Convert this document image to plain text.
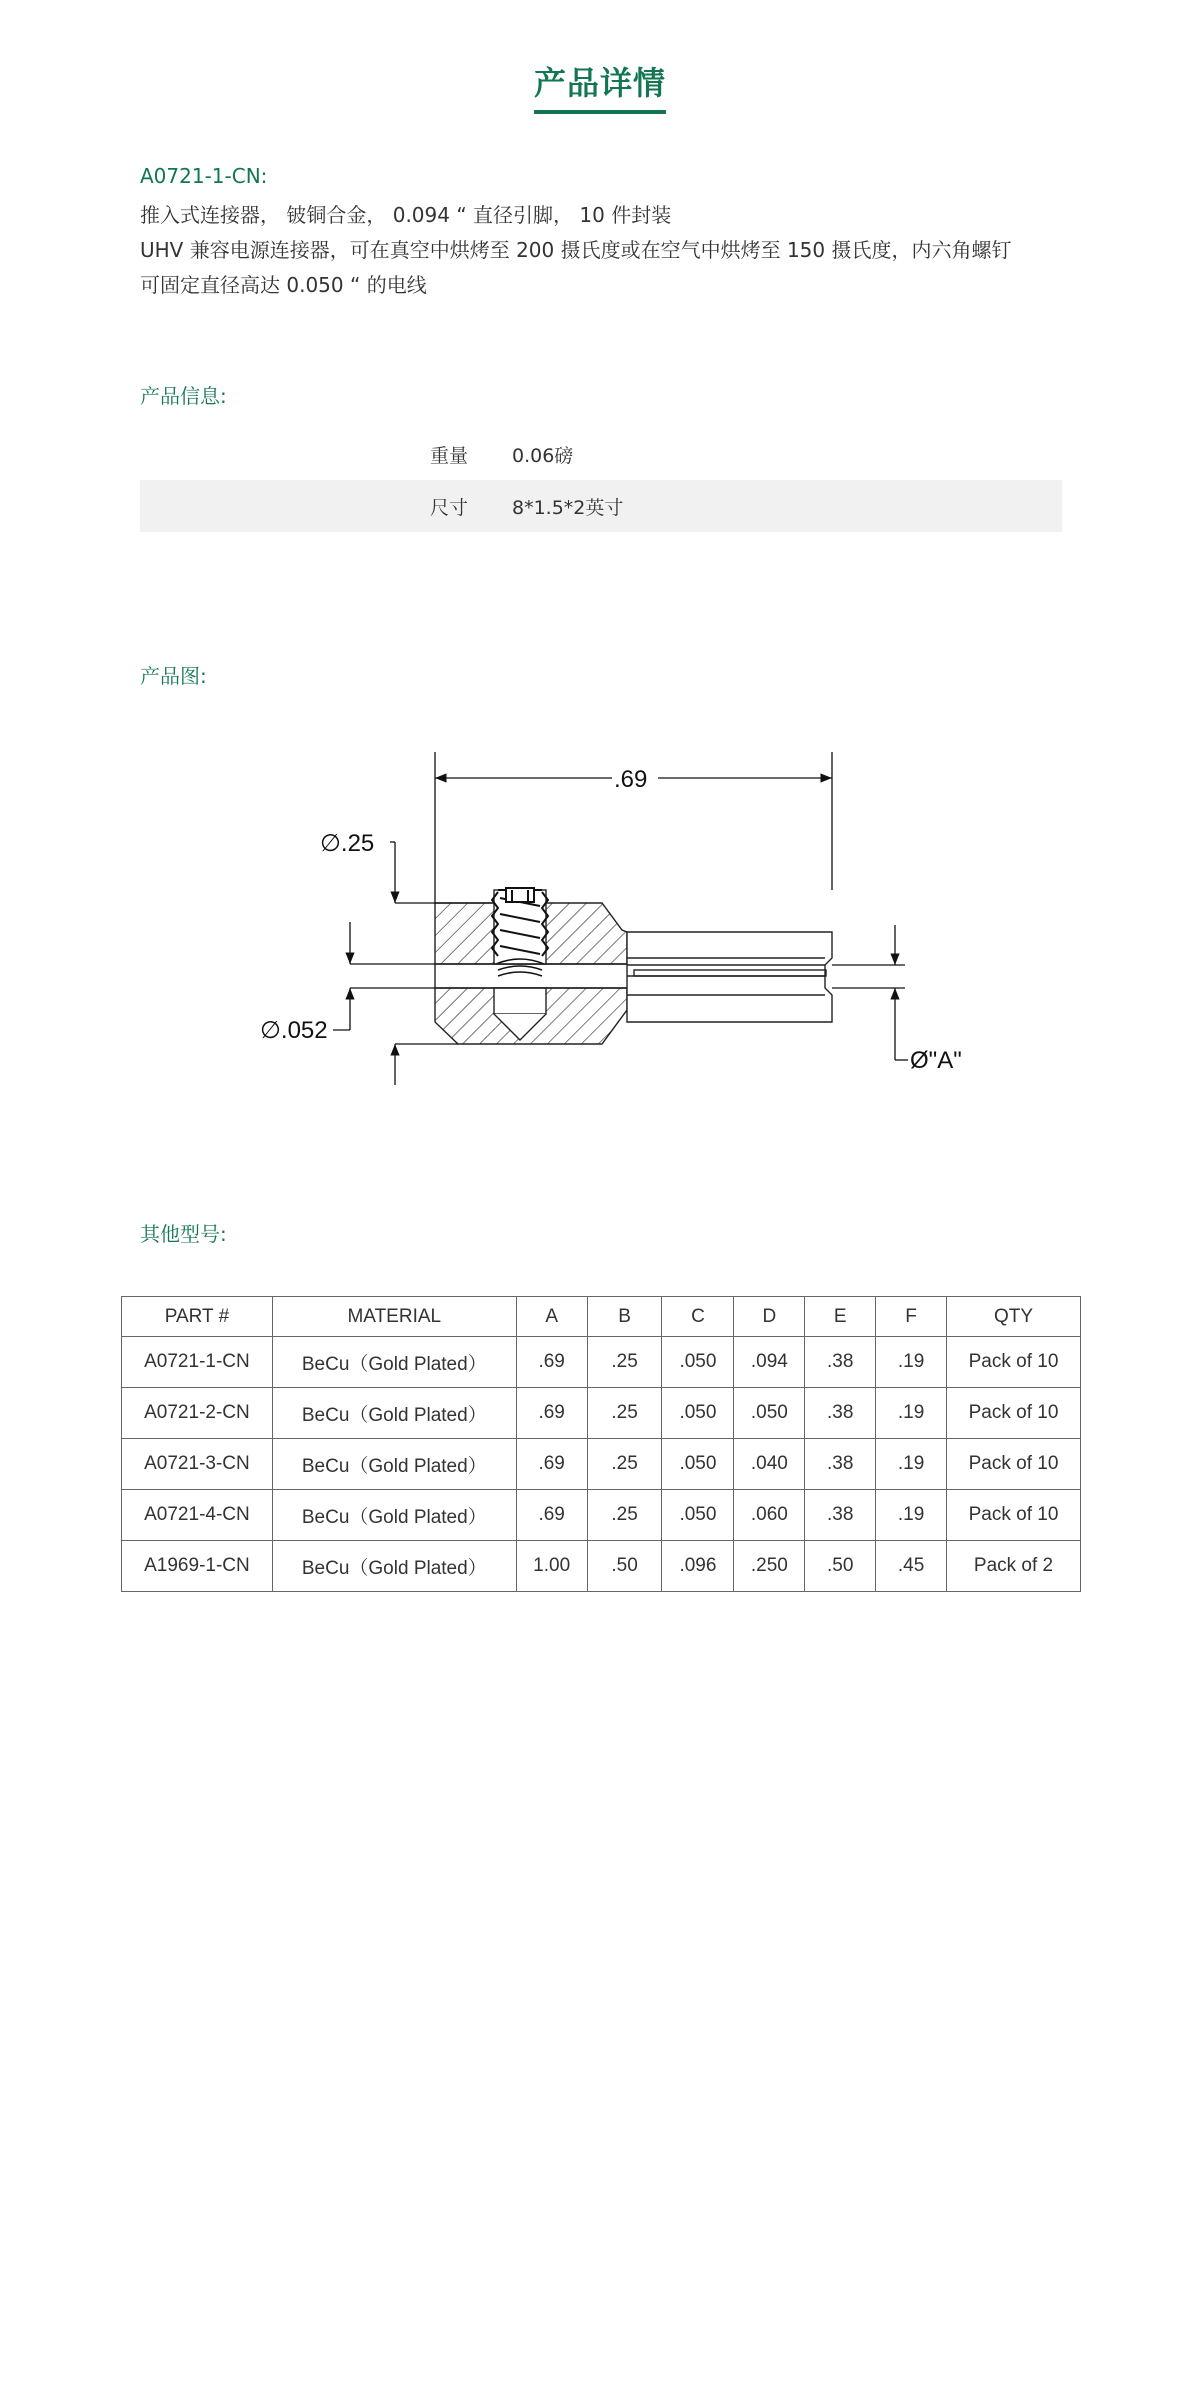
产品详情
A0721-1-CN:
推入式连接器， 铍铜合金， 0.094 “ 直径引脚， 10 件封装
UHV 兼容电源连接器，可在真空中烘烤至 200 摄氏度或在空气中烘烤至 150 摄氏度，内六角螺钉
可固定直径高达 0.050 “ 的电线
产品信息:
重量	0.06磅
尺寸	8*1.5*2英寸
产品图:
.69
∅.25
∅.052
Ø"A"
其他型号:
PART #	MATERIAL	A	B	C	D	E	F	QTY
A0721-1-CN	BeCu（Gold Plated）	.69	.25	.050	.094	.38	.19	Pack of 10
A0721-2-CN	BeCu（Gold Plated）	.69	.25	.050	.050	.38	.19	Pack of 10
A0721-3-CN	BeCu（Gold Plated）	.69	.25	.050	.040	.38	.19	Pack of 10
A0721-4-CN	BeCu（Gold Plated）	.69	.25	.050	.060	.38	.19	Pack of 10
A1969-1-CN	BeCu（Gold Plated）	1.00	.50	.096	.250	.50	.45	Pack of 2
